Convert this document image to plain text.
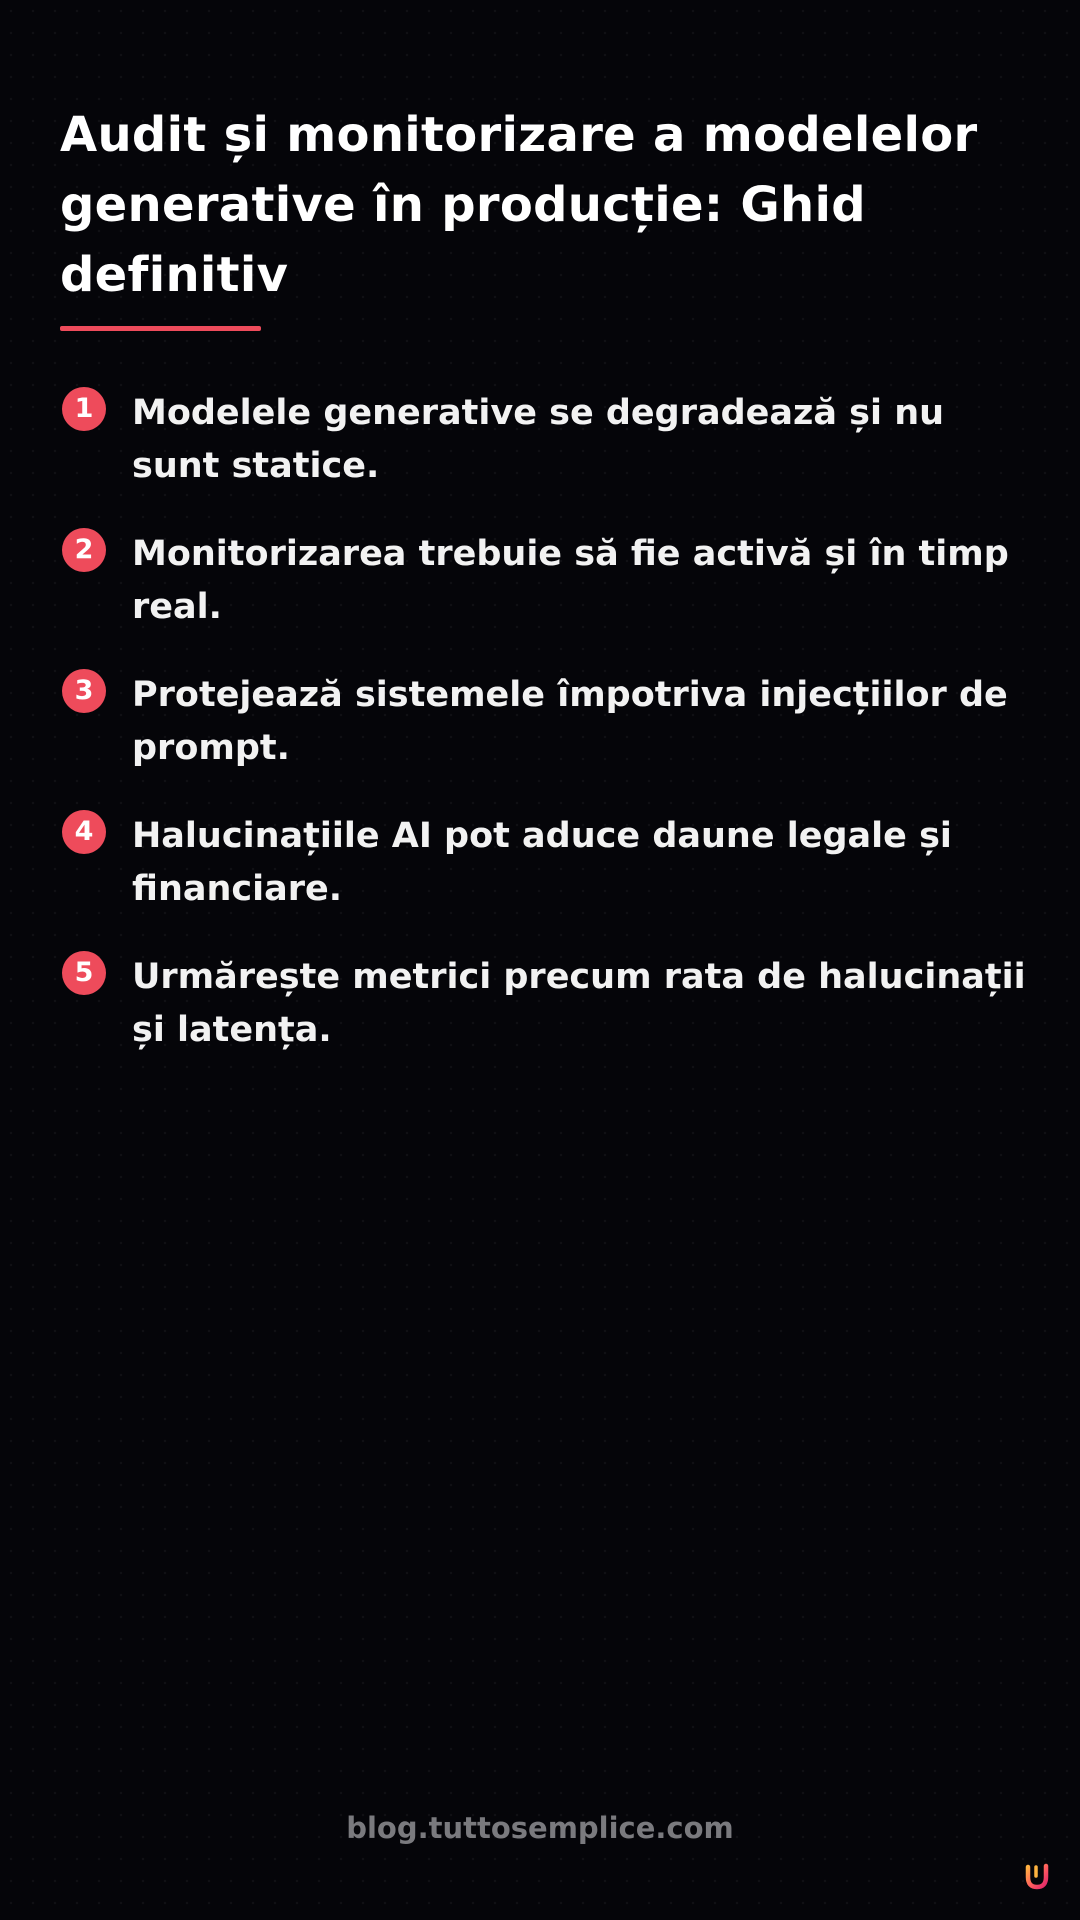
Audit și monitorizare a modelelor generative în producție: Ghid definitiv
1	Modelele generative se degradează și nu sunt statice.

2	Monitorizarea trebuie să fie activă și în timp real.

3	Protejează sistemele împotriva injecțiilor de prompt.

4	Halucinațiile AI pot aduce daune legale și financiare.

5	Urmărește metrici precum rata de halucinații și latența.

blog.tuttosemplice.com
